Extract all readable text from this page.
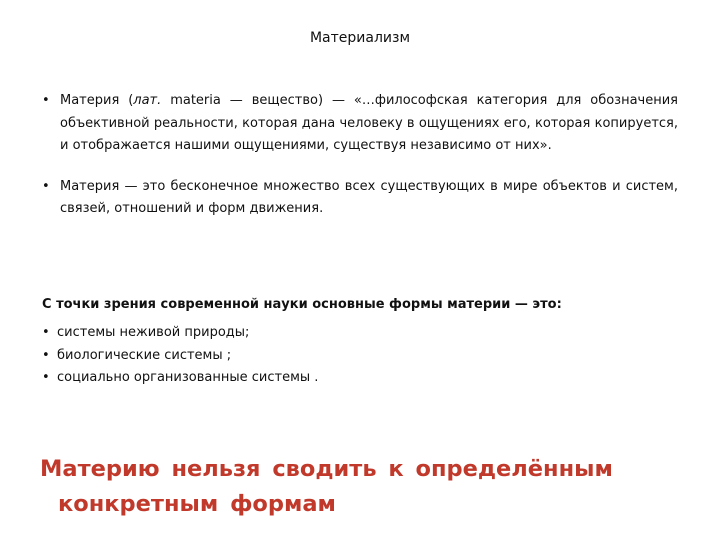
Материализм
• Материя (лат. materia — вещество) — «…философская категория для обозначения объективной реальности, которая дана человеку в ощущениях его, которая копируется, и отображается нашими ощущениями, существуя независимо от них».
• Материя — это бесконечное множество всех существующих в мире объектов и систем, связей, отношений и форм движения.
С точки зрения современной науки основные формы материи — это:
• системы неживой природы;
• биологические системы ;
• социально организованные системы .
Материю нельзя сводить к определённым
конкретным формам
